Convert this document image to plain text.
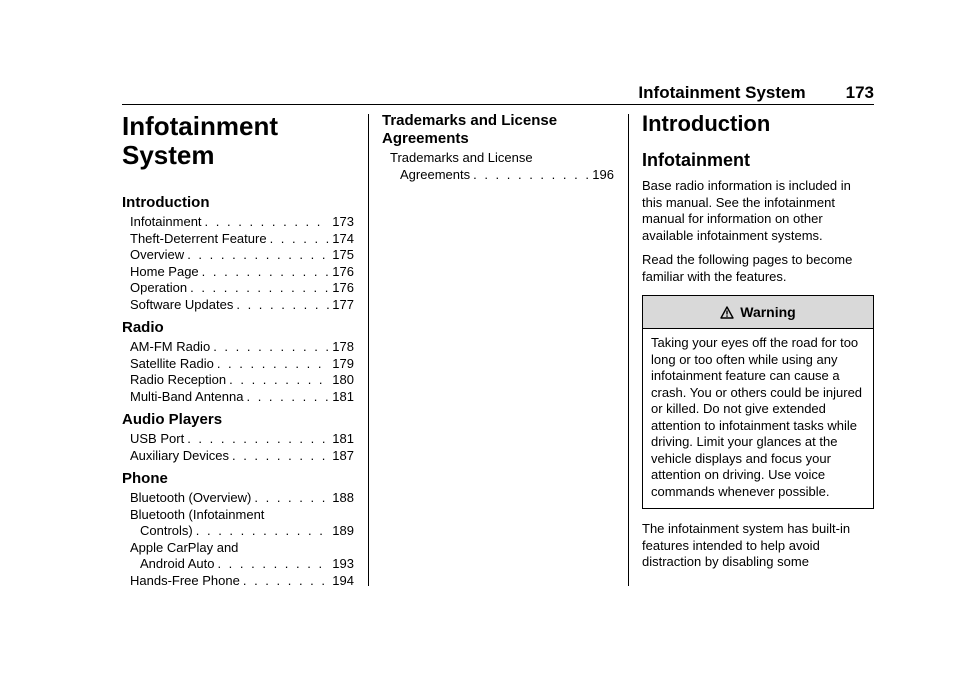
Infotainment System 173
Infotainment
System
Introduction
Infotainment . . .	173
Theft-Deterrent Feature . . .	174
Overview . . .	175
Home Page . . .	176
Operation . . .	176
Software Updates . . .	177
Radio
AM-FM Radio . . .	178
Satellite Radio . . .	179
Radio Reception . . .	180
Multi-Band Antenna . . .	181
Audio Players
USB Port . . .	181
Auxiliary Devices . . .	187
Phone
Bluetooth (Overview) . . .	188
Bluetooth (Infotainment
Controls) . . .	189
Apple CarPlay and
Android Auto . . .	193
Hands-Free Phone . . .	194
Trademarks and License
Agreements
Trademarks and License
Agreements . . .	196
Introduction
Infotainment

Base radio information is included in this manual. See the infotainment manual for information on other available infotainment systems.

Read the following pages to become familiar with the features.

Warning
Taking your eyes off the road for too long or too often while using any infotainment feature can cause a crash. You or others could be injured or killed. Do not give extended attention to infotainment tasks while driving. Limit your glances at the vehicle displays and focus your attention on driving. Use voice commands whenever possible.

The infotainment system has built-in features intended to help avoid distraction by disabling some
